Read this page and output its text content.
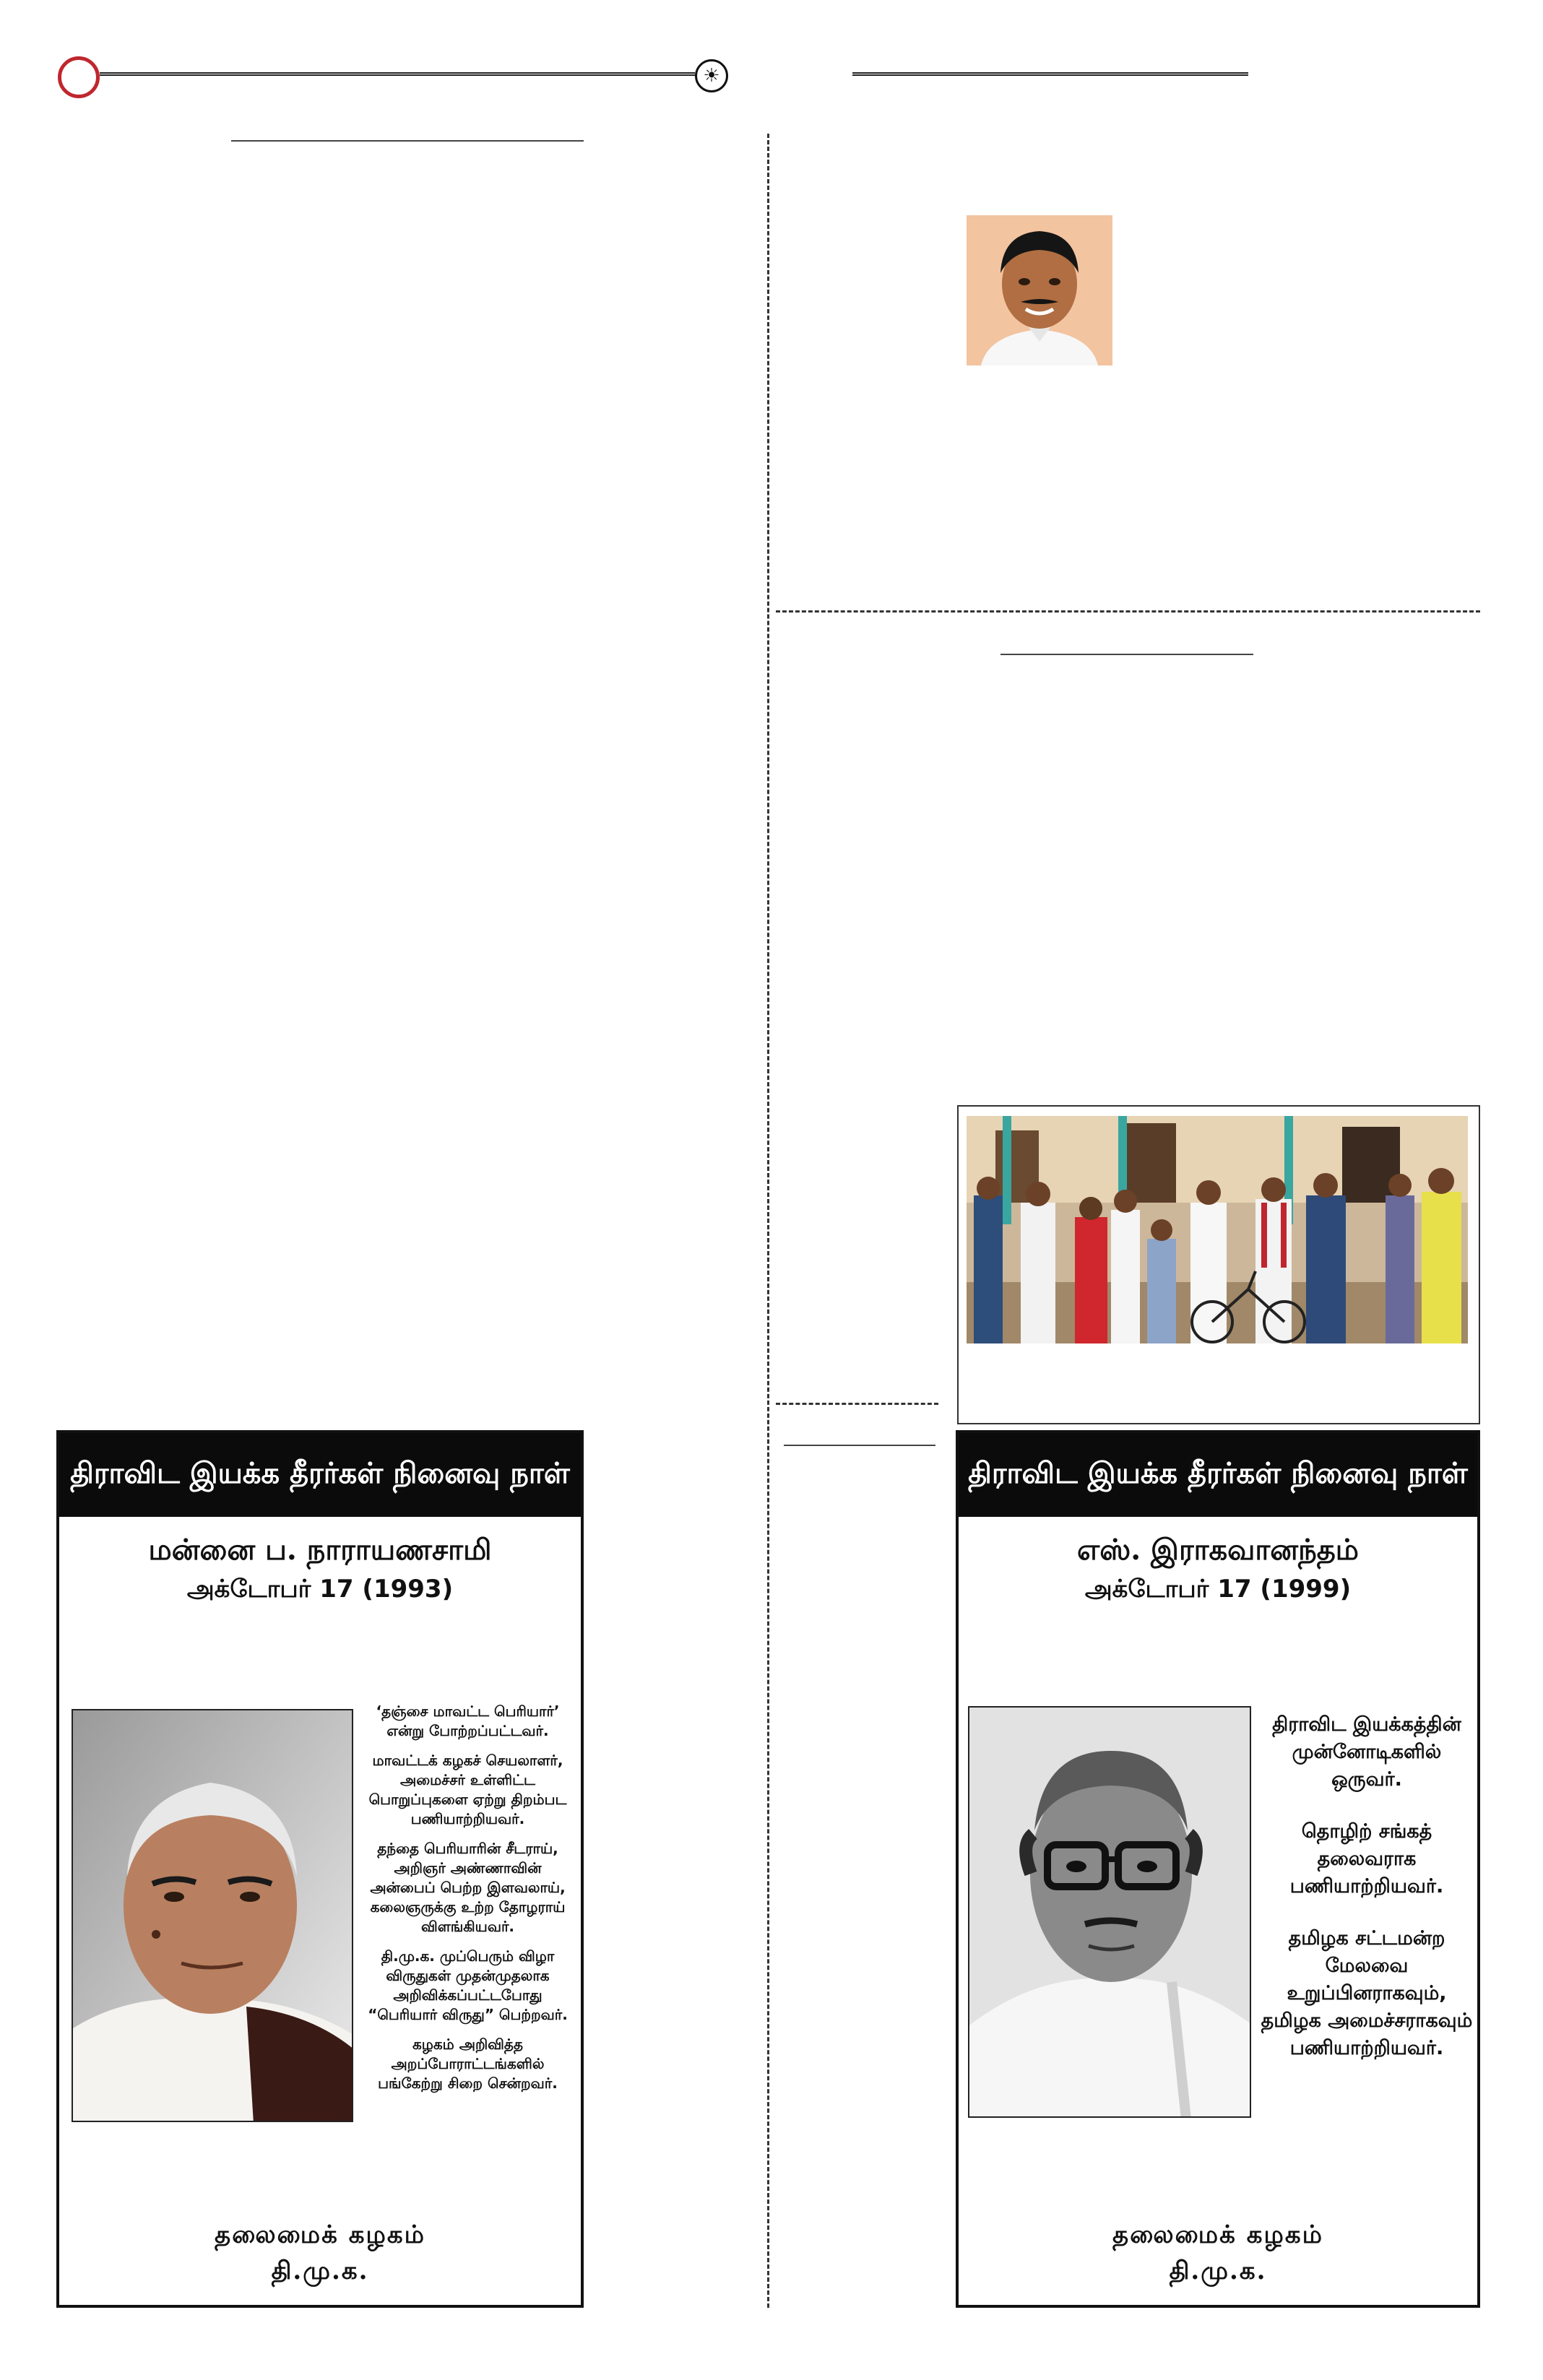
☀
திராவிட இயக்க தீரர்கள் நினைவு நாள்
மன்னை ப. நாராயணசாமி
அக்டோபர் 17 (1993)

‘தஞ்சை மாவட்ட பெரியார்’ என்று போற்றப்பட்டவர்.

மாவட்டக் கழகச் செயலாளர், அமைச்சர் உள்ளிட்ட பொறுப்புகளை ஏற்று திறம்பட பணியாற்றியவர்.

தந்தை பெரியாரின் சீடராய், அறிஞர் அண்ணாவின் அன்பைப் பெற்ற இளவலாய், கலைஞருக்கு உற்ற தோழராய் விளங்கியவர்.

தி.மு.க. முப்பெரும் விழா விருதுகள் முதன்முதலாக அறிவிக்கப்பட்டபோது “பெரியார் விருது” பெற்றவர்.

கழகம் அறிவித்த அறப்போராட்டங்களில் பங்கேற்று சிறை சென்றவர்.

தலைமைக் கழகம்
தி.மு.க.
திராவிட இயக்க தீரர்கள் நினைவு நாள்
எஸ். இராகவானந்தம்
அக்டோபர் 17 (1999)

திராவிட இயக்கத்தின் முன்னோடிகளில் ஒருவர்.

தொழிற் சங்கத் தலைவராக பணியாற்றியவர்.

தமிழக சட்டமன்ற மேலவை உறுப்பினராகவும், தமிழக அமைச்சராகவும் பணியாற்றியவர்.

தலைமைக் கழகம்
தி.மு.க.
